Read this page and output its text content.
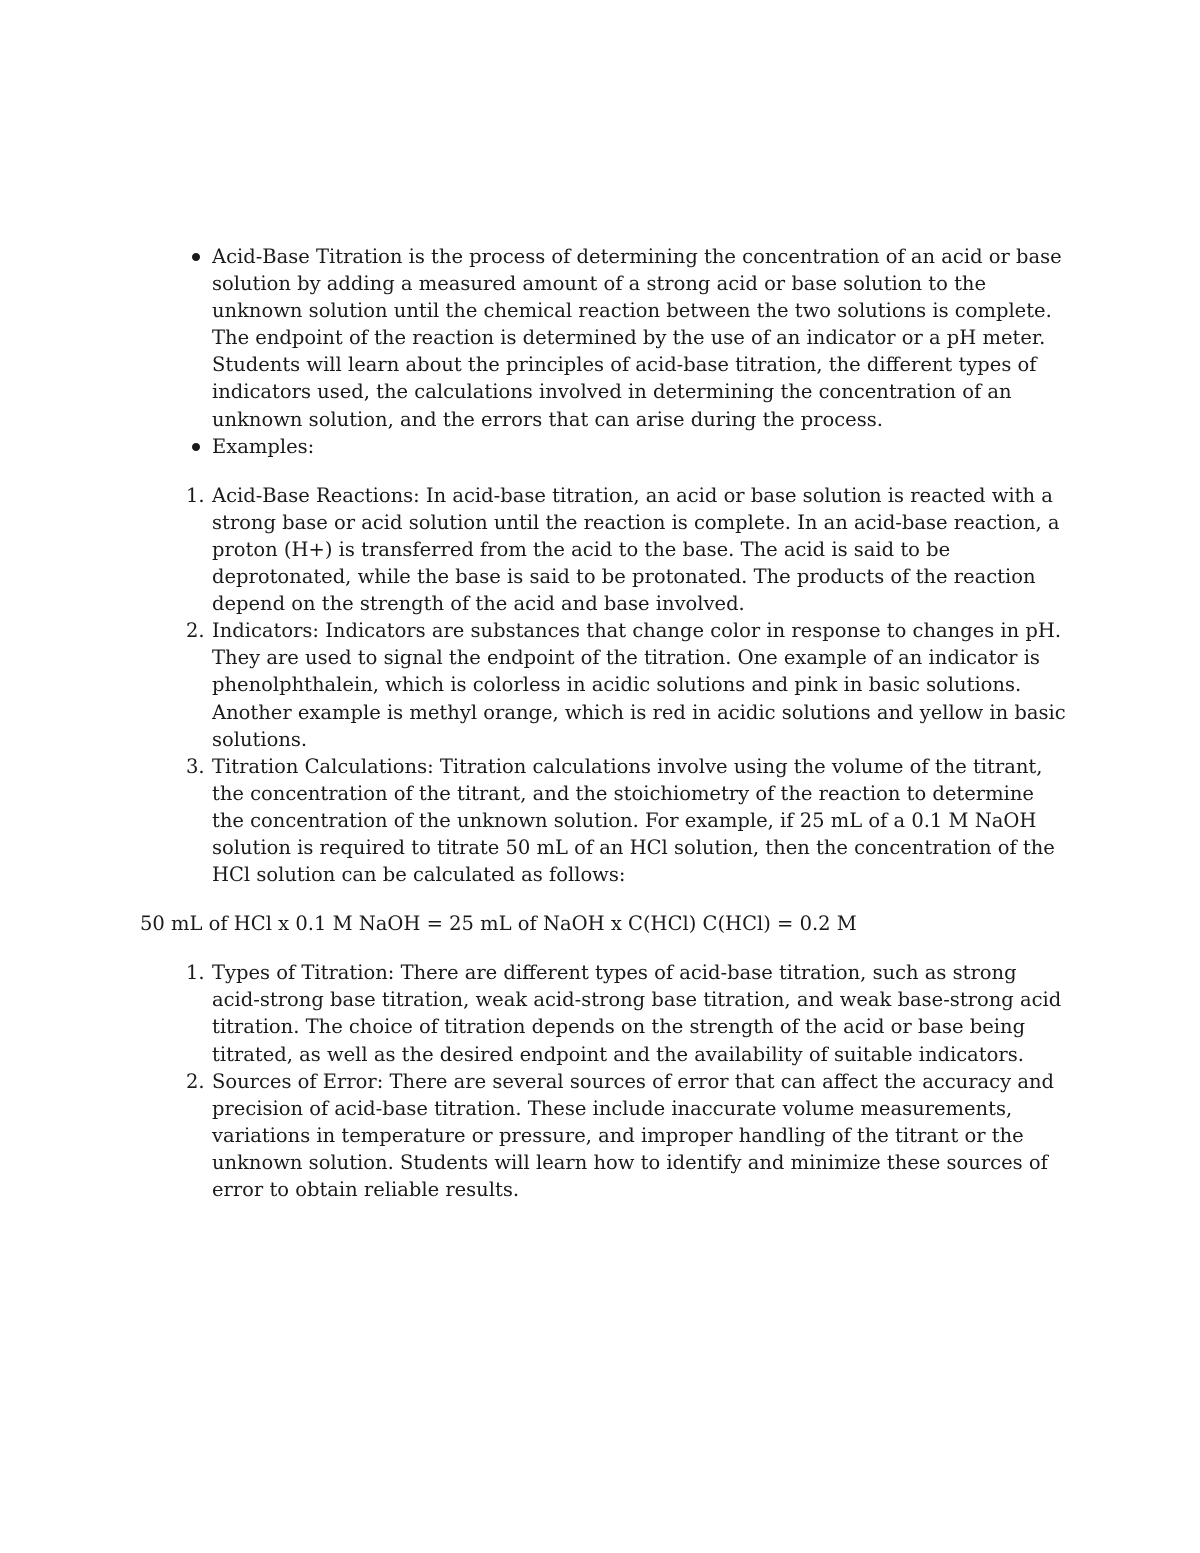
Acid-Base Titration is the process of determining the concentration of an acid or base solution by adding a measured amount of a strong acid or base solution to the unknown solution until the chemical reaction between the two solutions is complete. The endpoint of the reaction is determined by the use of an indicator or a pH meter. Students will learn about the principles of acid-base titration, the different types of indicators used, the calculations involved in determining the concentration of an unknown solution, and the errors that can arise during the process.
Examples:
1. Acid-Base Reactions: In acid-base titration, an acid or base solution is reacted with a strong base or acid solution until the reaction is complete. In an acid-base reaction, a proton (H+) is transferred from the acid to the base. The acid is said to be deprotonated, while the base is said to be protonated. The products of the reaction depend on the strength of the acid and base involved.
2. Indicators: Indicators are substances that change color in response to changes in pH. They are used to signal the endpoint of the titration. One example of an indicator is phenolphthalein, which is colorless in acidic solutions and pink in basic solutions. Another example is methyl orange, which is red in acidic solutions and yellow in basic solutions.
3. Titration Calculations: Titration calculations involve using the volume of the titrant, the concentration of the titrant, and the stoichiometry of the reaction to determine the concentration of the unknown solution. For example, if 25 mL of a 0.1 M NaOH solution is required to titrate 50 mL of an HCl solution, then the concentration of the HCl solution can be calculated as follows:

50 mL of HCl x 0.1 M NaOH = 25 mL of NaOH x C(HCl) C(HCl) = 0.2 M

1. Types of Titration: There are different types of acid-base titration, such as strong acid-strong base titration, weak acid-strong base titration, and weak base-strong acid titration. The choice of titration depends on the strength of the acid or base being titrated, as well as the desired endpoint and the availability of suitable indicators.
2. Sources of Error: There are several sources of error that can affect the accuracy and precision of acid-base titration. These include inaccurate volume measurements, variations in temperature or pressure, and improper handling of the titrant or the unknown solution. Students will learn how to identify and minimize these sources of error to obtain reliable results.
